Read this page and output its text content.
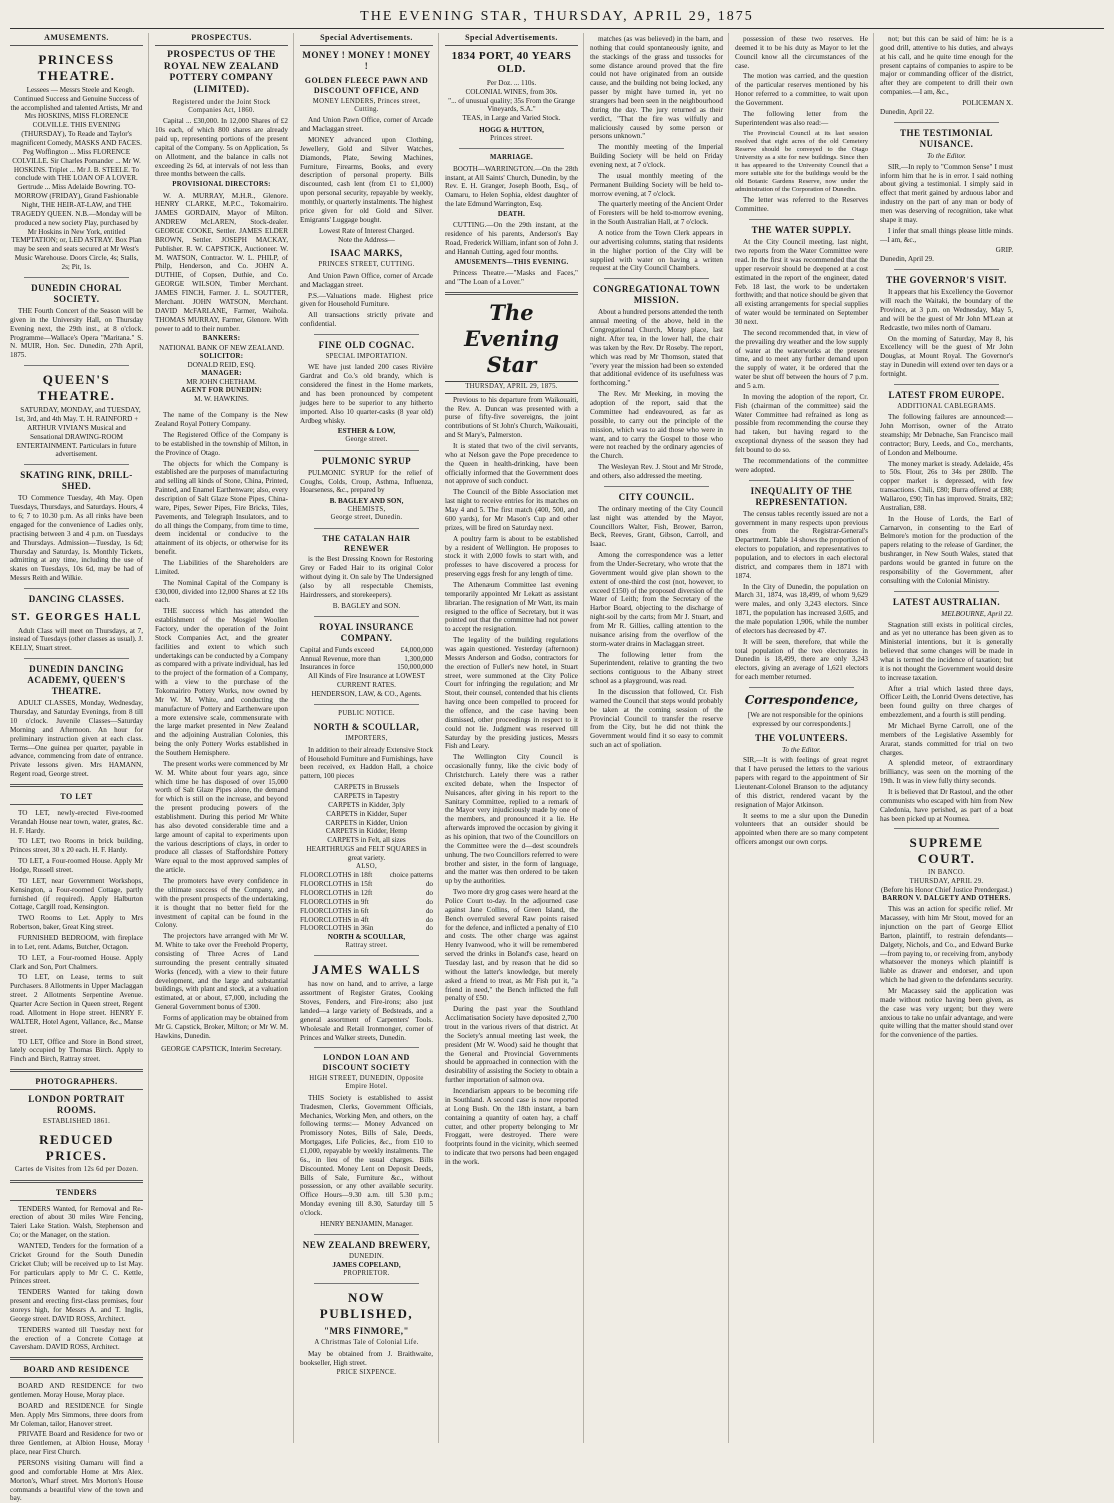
THE EVENING STAR, THURSDAY, APRIL 29, 1875
AMUSEMENTS.
PRINCESS THEATRE.

Lessees — Messrs Steele and Keogh. Continued Success and Genuine Success of the accomplished and talented Artists, Mr and Mrs HOSKINS, MISS FLORENCE COLVILLE. THIS EVENING (THURSDAY), To Reade and Taylor's magnificent Comedy, MASKS AND FACES. Peg Woffington ... Miss FLORENCE COLVILLE. Sir Charles Pomander ... Mr W. HOSKINS. Triplet ... Mr J. B. STEELE. To conclude with THE LOAN OF A LOVER. Gertrude ... Miss Adelaide Bowring. TO-MORROW (FRIDAY), Grand Fashionable Night, THE HEIR-AT-LAW, and THE TRAGEDY QUEEN. N.B.—Monday will be produced a new society Play, purchased by Mr Hoskins in New York, entitled TEMPTATION; or, LED ASTRAY. Box Plan may be seen and seats secured at Mr West's Music Warehouse. Doors Circle, 4s; Stalls, 2s; Pit, 1s.

DUNEDIN CHORAL SOCIETY.

THE Fourth Concert of the Season will be given in the University Hall, on Thursday Evening next, the 29th inst., at 8 o'clock. Programme—Wallace's Opera "Maritana." S. N. MUIR, Hon. Sec. Dunedin, 27th April, 1875.

QUEEN'S THEATRE.

SATURDAY, MONDAY, and TUESDAY, 1st, 3rd, and 4th May. T. H. RAINFORD + ARTHUR VIVIAN'S Musical and Sensational DRAWING-ROOM ENTERTAINMENT. Particulars in future advertisement.

SKATING RINK, DRILL-SHED.

TO Commence Tuesday, 4th May. Open Tuesdays, Thursdays, and Saturdays. Hours, 4 to 6; 7 to 10.30 p.m. As all rinks have been engaged for the convenience of Ladies only, practising between 3 and 4 p.m. on Tuesdays and Thursdays. Admission—Tuesday, 1s 6d; Thursday and Saturday, 1s. Monthly Tickets, admitting at any time, including the use of skates on Tuesdays, 10s 6d, may be had of Messrs Reith and Wilkie.

DANCING CLASSES.
ST. GEORGES HALL

Adult Class will meet on Thursdays, at 7, instead of Tuesdays (other classes as usual). J. KELLY, Stuart street.

DUNEDIN DANCING ACADEMY, QUEEN'S THEATRE.

ADULT CLASSES, Monday, Wednesday, Thursday, and Saturday Evenings, from 8 till 10 o'clock. Juvenile Classes—Saturday Morning and Afternoon. An hour for preliminary instruction given at each class. Terms—One guinea per quarter, payable in advance, commencing from date of entrance. Private lessons given. Mrs HAMANN, Regent road, George street.

TO LET

TO LET, newly-erected Five-roomed Verandah House near town, water, grates, &c. H. F. Hardy.

TO LET, two Rooms in brick building, Princes street, 30 x 20 each. H. F. Hardy.

TO LET, a Four-roomed House. Apply Mr Hodge, Russell street.

TO LET, near Government Workshops, Kensington, a Four-roomed Cottage, partly furnished (if required). Apply Halburton Cottage, Cargill road, Kensington.

TWO Rooms to Let. Apply to Mrs Robertson, baker, Great King street.

FURNISHED BEDROOM, with fireplace in to Let, rent. Adams, Butcher, Octagon.

TO LET, a Four-roomed House. Apply Clark and Son, Port Chalmers.

TO LET, on Lease, terms to suit Purchasers. 8 Allotments in Upper Maclaggan street. 2 Allotments Serpentine Avenue. Quarter Acre Section in Queen street, Regent road. Allotment in Hope street. HENRY F. WALTER, Hotel Agent, Vallance, &c., Manse street.

TO LET, Office and Store in Bond street, lately occupied by Thomas Birch. Apply to Finch and Birch, Rattray street.

PHOTOGRAPHERS.
LONDON PORTRAIT ROOMS.
ESTABLISHED 1861.
REDUCED PRICES.
Cartes de Visites from 12s 6d per Dozen.
TENDERS

TENDERS Wanted, for Removal and Re-erection of about 30 miles Wire Fencing, Taieri Lake Station. Walsh, Stephenson and Co; or the Manager, on the station.

WANTED, Tenders for the formation of a Cricket Ground for the South Dunedin Cricket Club; will be received up to 1st May. For particulars apply to Mr C. C. Kettle, Princes street.

TENDERS Wanted for taking down present and erecting first-class premises, four storeys high, for Messrs A. and T. Inglis, George street. DAVID ROSS, Architect.

TENDERS wanted till Tuesday next for the erection of a Concrete Cottage at Caversham. DAVID ROSS, Architect.

BOARD AND RESIDENCE

BOARD AND RESIDENCE for two gentlemen. Moray House, Moray place.

BOARD and RESIDENCE for Single Men. Apply Mrs Simmons, three doors from Mr Coleman, tailor, Hanover street.

PRIVATE Board and Residence for two or three Gentlemen, at Albion House, Moray place, near First Church.

PERSONS visiting Oamaru will find a good and comfortable Home at Mrs Alex. Morton's, Wharf street. Mrs Morton's House commands a beautiful view of the town and bay.

PROSPECTUS.
PROSPECTUS OF THE ROYAL NEW ZEALAND POTTERY COMPANY (LIMITED).
Registered under the Joint Stock Companies Act, 1860.

Capital ... £30,000. In 12,000 Shares of £2 10s each, of which 800 shares are already paid up, representing portions of the present capital of the Company. 5s on Application, 5s on Allotment, and the balance in calls not exceeding 2s 6d, at intervals of not less than three months between the calls.

PROVISIONAL DIRECTORS:

W. A. MURRAY, M.H.R., Glenore. HENRY CLARKE, M.P.C., Tokomairiro. JAMES GORDAIN, Mayor of Milton. ANDREW McLAREN, Stock-dealer. GEORGE COOKE, Settler. JAMES ELDER BROWN, Settler. JOSEPH MACKAY, Publisher. R. W. CAPSTICK, Auctioneer. W. M. WATSON, Contractor. W. L. PHILP, of Philp, Henderson, and Co. JOHN A. DUTHIE, of Copsen, Duthie, and Co. GEORGE WILSON, Timber Merchant. JAMES FINCH, Farmer. J. L. SOUTTER, Merchant. JOHN WATSON, Merchant. DAVID McFARLANE, Farmer, Waihola. THOMAS MURRAY, Farmer, Glenore. With power to add to their number.

BANKERS:
NATIONAL BANK OF NEW ZEALAND.
SOLICITOR:
DONALD REID, ESQ.
MANAGER:
MR JOHN CHETHAM.
AGENT FOR DUNEDIN:
M. W. HAWKINS.

The name of the Company is the New Zealand Royal Pottery Company.

The Registered Office of the Company is to be established in the township of Milton, in the Province of Otago.

The objects for which the Company is established are the purposes of manufacturing and selling all kinds of Stone, China, Printed, Painted, and Enamel Earthenware; also, every description of Salt Glaze Stone Pipes, China-ware, Pipes, Sewer Pipes, Fire Bricks, Tiles, Pavements, and Telegraph Insulators, and to do all things the Company, from time to time, deem incidental or conducive to the attainment of its objects, or otherwise for its benefit.

The Liabilities of the Shareholders are Limited.

The Nominal Capital of the Company is £30,000, divided into 12,000 Shares at £2 10s each.

THE success which has attended the establishment of the Mosgiel Woollen Factory, under the operation of the Joint Stock Companies Act, and the greater facilities and extent to which such undertakings can be conducted by a Company as compared with a private individual, has led to the project of the formation of a Company, with a view to the purchase of the Tokomairiro Pottery Works, now owned by Mr W. M. White, and conducting the manufacture of Pottery and Earthenware upon a more extensive scale, commensurate with the large market presented in New Zealand and the adjoining Australian Colonies, this being the only Pottery Works established in the Southern Hemisphere.

The present works were commenced by Mr W. M. White about four years ago, since which time he has disposed of over 15,000 worth of Salt Glaze Pipes alone, the demand for which is still on the increase, and beyond the present producing powers of the establishment. During this period Mr White has also devoted considerable time and a large amount of capital to experiments upon the various descriptions of clays, in order to produce all classes of Staffordshire Pottery Ware equal to the most approved samples of the article.

The promoters have every confidence in the ultimate success of the Company, and with the present prospects of the undertaking, it is thought that no better field for the investment of capital can be found in the Colony.

The projectors have arranged with Mr W. M. White to take over the Freehold Property, consisting of Three Acres of Land surrounding the present centrally situated Works (fenced), with a view to their future development, and the large and substantial buildings, with plant and stock, at a valuation estimated, at or about, £7,000, including the General Government bonus of £300.

Forms of application may be obtained from Mr G. Capstick, Broker, Milton; or Mr W. M. Hawkins, Dunedin.

GEORGE CAPSTICK, Interim Secretary.
Special Advertisements.
MONEY ! MONEY ! MONEY !
GOLDEN FLEECE PAWN AND DISCOUNT OFFICE, AND
MONEY LENDERS, Princes street, Cutting.

And Union Pawn Office, corner of Arcade and Maclaggan street.

MONEY advanced upon Clothing, Jewellery, Gold and Silver Watches, Diamonds, Plate, Sewing Machines, Furniture, Firearms, Books, and every description of personal property. Bills discounted, cash lent (from £1 to £1,000) upon personal security, repayable by weekly, monthly, or quarterly instalments. The highest price given for old Gold and Silver. Emigrants' Luggage bought.

Lowest Rate of Interest Charged.
Note the Address—
ISAAC MARKS,
PRINCES STREET, CUTTING.

And Union Pawn Office, corner of Arcade and Maclaggan street.

P.S.—Valuations made. Highest price given for Household Furniture.

All transactions strictly private and confidential.

FINE OLD COGNAC.
SPECIAL IMPORTATION.

WE have just landed 200 cases Rivière Gardrat and Co.'s old brandy, which is considered the finest in the Home markets, and has been pronounced by competent judges here to be superior to any hitherto imported. Also 10 quarter-casks (8 year old) Ardbeg whisky.

ESTHER & LOW,
George street.
PULMONIC SYRUP

PULMONIC SYRUP for the relief of Coughs, Colds, Croup, Asthma, Influenza, Hoarseness, &c., prepared by

B. BAGLEY AND SON,
CHEMISTS,
George street, Dunedin.
THE CATALAN HAIR RENEWER

is the Best Dressing Known for Restoring Grey or Faded Hair to its original Color without dying it. On sale by The Undersigned (also by all respectable Chemists, Hairdressers, and storekeepers).

B. BAGLEY and SON.
ROYAL INSURANCE COMPANY.
Capital and Funds exceed	£4,000,000
Annual Revenue, more than	1,300,000
Insurances in force	150,000,000
All Kinds of Fire Insurance at LOWEST CURRENT RATES.
HENDERSON, LAW, & CO., Agents.
PUBLIC NOTICE.
NORTH & SCOULLAR,
IMPORTERS,

In addition to their already Extensive Stock of Household Furniture and Furnishings, have been received, ex Haddon Hall, a choice pattern, 100 pieces

CARPETS in Brussels
CARPETS in Tapestry
CARPETS in Kidder, 3ply
CARPETS in Kidder, Super
CARPETS in Kidder, Union
CARPETS in Kidder, Hemp
CARPETS in Felt, all sizes
HEARTHRUGS and FELT SQUARES in great variety.
ALSO,
FLOORCLOTHS in 18ft choice patterns
FLOORCLOTHS in 15ft	do
FLOORCLOTHS in 12ft	do
FLOORCLOTHS in 9ft	do
FLOORCLOTHS in 6ft	do
FLOORCLOTHS in 4ft	do
FLOORCLOTHS in 36in	do
NORTH & SCOULLAR,
Rattray street.
JAMES WALLS

has now on hand, and to arrive, a large assortment of Register Grates, Cooking Stoves, Fenders, and Fire-irons; also just landed—a large variety of Bedsteads, and a general assortment of Carpenters' Tools. Wholesale and Retail Ironmonger, corner of Princes and Walker streets, Dunedin.

LONDON LOAN AND DISCOUNT SOCIETY
HIGH STREET, DUNEDIN, Opposite Empire Hotel.

THIS Society is established to assist Tradesmen, Clerks, Government Officials, Mechanics, Working Men, and others, on the following terms:— Money Advanced on Promissory Notes, Bills of Sale, Deeds, Mortgages, Life Policies, &c., from £10 to £1,000, repayable by weekly instalments. The 6s., in lieu of the usual charges. Bills Discounted. Money Lent on Deposit Deeds, Bills of Sale, Furniture &c., without possession, or any other available security. Office Hours—9.30 a.m. till 5.30 p.m.; Monday evening till 8.30, Saturday till 5 o'clock.

HENRY BENJAMIN, Manager.
NEW ZEALAND BREWERY,
DUNEDIN.
JAMES COPELAND,
PROPRIETOR.
NOW PUBLISHED,
"MRS FINMORE,"
A Christmas Tale of Colonial Life.

May be obtained from J. Braithwaite, bookseller, High street.

PRICE SIXPENCE.
Special Advertisements.
1834 PORT, 40 YEARS OLD.
Per Doz. ... 110s.
COLONIAL WINES, from 30s.
"... of unusual quality; 35s From the Grange Vineyards, S.A."
TEAS, in Large and Varied Stock.
HOGG & HUTTON,
Princes street.
MARRIAGE.

BOOTH—WARRINGTON.—On the 28th instant, at All Saints' Church, Dunedin, by the Rev. E. H. Granger, Joseph Booth, Esq., of Oamaru, to Helen Sophia, eldest daughter of the late Edmund Warrington, Esq.

DEATH.

CUTTING.—On the 29th instant, at the residence of his parents, Anderson's Bay Road, Frederick William, infant son of John J. and Hannah Cutting, aged four months.

AMUSEMENTS—THIS EVENING.

Princess Theatre.—"Masks and Faces," and "The Loan of a Lover."

The Evening Star
THURSDAY, APRIL 29, 1875.

Previous to his departure from Waikouaiti, the Rev. A. Duncan was presented with a purse of fifty-five sovereigns, the joint contributions of St John's Church, Waikouaiti, and St Mary's, Palmerston.

It is stated that two of the civil servants, who at Nelson gave the Pope precedence to the Queen in health-drinking, have been officially informed that the Government does not approve of such conduct.

The Council of the Bible Association met last night to receive entries for its matches on May 4 and 5. The first match (400, 500, and 600 yards), for Mr Mason's Cup and other prizes, will be fired on Saturday next.

A poultry farm is about to be established by a resident of Wellington. He proposes to stock it with 2,000 fowls to start with, and professes to have discovered a process for preserving eggs fresh for any length of time.

The Athenæum Committee last evening temporarily appointed Mr Lekatt as assistant librarian. The resignation of Mr Watt, its main resigned to the office of Secretary, but it was pointed out that the committee had not power to accept the resignation.

The legality of the building regulations was again questioned. Yesterday (afternoon) Messrs Anderson and Godso, contractors for the erection of Fuller's new hotel, in Stuart street, were summoned at the City Police Court for infringing the regulation; and Mr Stout, their counsel, contended that his clients having once been compelled to proceed for the offence, and the case having been dismissed, other proceedings in respect to it could not lie. Judgment was reserved till Saturday by the presiding justices, Messrs Fish and Leary.

The Wellington City Council is occasionally funny, like the civic body of Christchurch. Lately there was a rather excited debate, when the Inspector of Nuisances, after giving in his report to the Sanitary Committee, replied to a remark of the Mayor very injudiciously made by one of the members, and pronounced it a lie. He afterwards improved the occasion by giving it as his opinion, that two of the Councillors on the Committee were the d—dest scoundrels unhung. The two Councillors referred to were brother and sister, in the form of language, and the matter was then ordered to be taken up by the authorities.

Two more dry grog cases were heard at the Police Court to-day. In the adjourned case against Jane Collins, of Green Island, the Bench overruled several Raw points raised for the defence, and inflicted a penalty of £10 and costs. The other charge was against Henry Ivanwood, who it will be remembered served the drinks in Boland's case, heard on Tuesday last, and by reason that he did so without the latter's knowledge, but merely asked a friend to treat, as Mr Fish put it, "a friend in need," the Bench inflicted the full penalty of £50.

During the past year the Southland Acclimatisation Society have deposited 2,700 trout in the various rivers of that district. At the Society's annual meeting last week, the president (Mr W. Wood) said he thought that the General and Provincial Governments should be approached in connection with the desirability of assisting the Society to obtain a further importation of salmon ova.

Incendiarism appears to be becoming rife in Southland. A second case is now reported at Long Bush. On the 18th instant, a barn containing a quantity of oaten hay, a chaff cutter, and other property belonging to Mr Froggatt, were destroyed. There were footprints found in the vicinity, which seemed to indicate that two persons had been engaged in the work.

matches (as was believed) in the barn, and nothing that could spontaneously ignite, and the stackings of the grass and tussocks for some distance around proved that the fire could not have originated from an outside cause, and the building not being locked, any passer by might have turned in, yet no strangers had been seen in the neighbourhood during the day. The jury returned as their verdict, "That the fire was wilfully and maliciously caused by some person or persons unknown."

The monthly meeting of the Imperial Building Society will be held on Friday evening next, at 7 o'clock.

The usual monthly meeting of the Permanent Building Society will be held to-morrow evening, at 7 o'clock.

The quarterly meeting of the Ancient Order of Foresters will be held to-morrow evening, in the South Australian Hall, at 7 o'clock.

A notice from the Town Clerk appears in our advertising columns, stating that residents in the higher portion of the City will be supplied with water on having a written request at the City Council Chambers.

CONGREGATIONAL TOWN MISSION.

About a hundred persons attended the tenth annual meeting of the above, held in the Congregational Church, Moray place, last night. After tea, in the lower hall, the chair was taken by the Rev. Dr Roseby. The report, which was read by Mr Thomson, stated that "every year the mission had been so extended that additional evidence of its usefulness was forthcoming."

The Rev. Mr Meeking, in moving the adoption of the report, said that the Committee had endeavoured, as far as possible, to carry out the principle of the mission, which was to aid those who were in want, and to carry the Gospel to those who were not reached by the ordinary agencies of the Church.

The Wesleyan Rev. J. Stout and Mr Strode, and others, also addressed the meeting.

CITY COUNCIL.

The ordinary meeting of the City Council last night was attended by the Mayor, Councillors Walter, Fish, Brower, Barron, Beck, Reeves, Grant, Gibson, Carroll, and Isaac.

Among the correspondence was a letter from the Under-Secretary, who wrote that the Government would give plan shown to the extent of one-third the cost (not, however, to exceed £150) of the proposed diversion of the Water of Leith; from the Secretary of the Harbor Board, objecting to the discharge of night-soil by the carts; from Mr J. Stuart, and from Mr R. Gillies, calling attention to the nuisance arising from the overflow of the storm-water drains in Maclaggan street.

The following letter from the Superintendent, relative to granting the two sections contiguous to the Albany street school as a playground, was read.

In the discussion that followed, Cr. Fish warned the Council that steps would probably be taken at the coming session of the Provincial Council to transfer the reserve from the City, but he did not think the Government would find it so easy to commit such an act of spoliation.

possession of these two reserves. He deemed it to be his duty as Mayor to let the Council know all the circumstances of the case.

The motion was carried, and the question of the particular reserves mentioned by his Honor referred to a committee, to wait upon the Government.

The following letter from the Superintendent was also read:—

The Provincial Council at its last session resolved that eight acres of the old Cemetery Reserve should be conveyed to the Otago University as a site for new buildings. Since then it has appeared to the University Council that a more suitable site for the buildings would be the old Botanic Gardens Reserve, now under the administration of the Corporation of Dunedin.

The letter was referred to the Reserves Committee.

THE WATER SUPPLY.

At the City Council meeting, last night, two reports from the Water Committee were read. In the first it was recommended that the upper reservoir should be deepened at a cost estimated in the report of the engineer, dated Feb. 18 last, the work to be undertaken forthwith; and that notice should be given that all existing arrangements for special supplies of water would be terminated on September 30 next.

The second recommended that, in view of the prevailing dry weather and the low supply of water at the waterworks at the present time, and to meet any further demand upon the supply of water, it be ordered that the water be shut off between the hours of 7 p.m. and 5 a.m.

In moving the adoption of the report, Cr. Fish (chairman of the committee) said the Water Committee had refrained as long as possible from recommending the course they had taken, but having regard to the exceptional dryness of the season they had felt bound to do so.

The recommendations of the committee were adopted.

INEQUALITY OF THE REPRESENTATION.

The census tables recently issued are not a government in many respects upon previous ones from the Registrar-General's Department. Table 14 shows the proportion of electors to population, and representatives to population, and to electors in each electoral district, and compares them in 1871 with 1874.

In the City of Dunedin, the population on March 31, 1874, was 18,499, of whom 9,629 were males, and only 3,243 electors. Since 1871, the population has increased 3,605, and the male population 1,906, while the number of electors has decreased by 47.

It will be seen, therefore, that while the total population of the two electorates in Dunedin is 18,499, there are only 3,243 electors, giving an average of 1,621 electors for each member returned.

Correspondence,

[We are not responsible for the opinions expressed by our correspondents.]

THE VOLUNTEERS.
To the Editor.

SIR,—It is with feelings of great regret that I have perused the letters to the various papers with regard to the appointment of Sir Lieutenant-Colonel Branson to the adjutancy of this district, rendered vacant by the resignation of Major Atkinson.

It seems to me a slur upon the Dunedin volunteers that an outsider should be appointed when there are so many competent officers amongst our own corps.

not; but this can be said of him: he is a good drill, attentive to his duties, and always at his call, and he quite time enough for the present captains of companies to aspire to be major or commanding officer of the district, after they are competent to drill their own companies.—I am, &c.,

POLICEMAN X.
Dunedin, April 22.
THE TESTIMONIAL NUISANCE.
To the Editor.

SIR,—In reply to "Common Sense" I must inform him that he is in error. I said nothing about giving a testimonial. I simply said in effect that merit gained by arduous labor and industry on the part of any man or body of men was deserving of recognition, take what shape it may.

I infer that small things please little minds.—I am, &c.,

GRIP.
Dunedin, April 29.
THE GOVERNOR'S VISIT.

It appears that his Excellency the Governor will reach the Waitaki, the boundary of the Province, at 3 p.m. on Wednesday, May 5, and will be the guest of Mr John M'Lean at Redcastle, two miles north of Oamaru.

On the morning of Saturday, May 8, his Excellency will be the guest of Mr John Douglas, at Mount Royal. The Governor's stay in Dunedin will extend over ten days or a fortnight.

LATEST FROM EUROPE.
ADDITIONAL CABLEGRAMS.

The following failures are announced:—John Morrison, owner of the Atrato steamship; Mr Debnache, San Francisco mail contractor; Bury, Leeds, and Co., merchants, of London and Melbourne.

The money market is steady. Adelaide, 45s to 50s. Flour, 26s to 34s per 280lb. The copper market is depressed, with few transactions. Chili, £80; Burra offered at £88; Wallaroo, £90; Tin has improved. Straits, £82; Australian, £88.

In the House of Lords, the Earl of Carnarvon, in consenting to the Earl of Belmore's motion for the production of the papers relating to the release of Gardiner, the bushranger, in New South Wales, stated that pardons would be granted in future on the responsibility of the Government, after consulting with the Colonial Ministry.

LATEST AUSTRALIAN.
MELBOURNE, April 22.

Stagnation still exists in political circles, and as yet no utterance has been given as to Ministerial intentions, but it is generally believed that some changes will be made in what is termed the incidence of taxation; but it is not thought the Government would desire to increase taxation.

After a trial which lasted three days, Officer Leith, the Lonrid Ovens detective, has been found guilty on three charges of embezzlement, and a fourth is still pending.

Mr Michael Byrne Carroll, one of the members of the Legislative Assembly for Ararat, stands committed for trial on two charges.

A splendid meteor, of extraordinary brilliancy, was seen on the morning of the 19th. It was in view fully thirty seconds.

It is believed that Dr Rastoul, and the other communists who escaped with him from New Caledonia, have perished, as part of a boat has been picked up at Noumea.

SUPREME COURT.
IN BANCO.
THURSDAY, APRIL 29.
(Before his Honor Chief Justice Prendergast.)
BARRON V. DALGETY AND OTHERS.

This was an action for specific relief. Mr Macassey, with him Mr Stout, moved for an injunction on the part of George Elliot Barton, plaintiff, to restrain defendants—Dalgety, Nichols, and Co., and Edward Burke—from paying to, or receiving from, anybody whatsoever the moneys which plaintiff is liable as drawer and endorser, and upon which he had given to the defendants security.

Mr Macassey said the application was made without notice having been given, as the case was very urgent; but they were anxious to take no unfair advantage, and were quite willing that the matter should stand over for the convenience of the parties.
